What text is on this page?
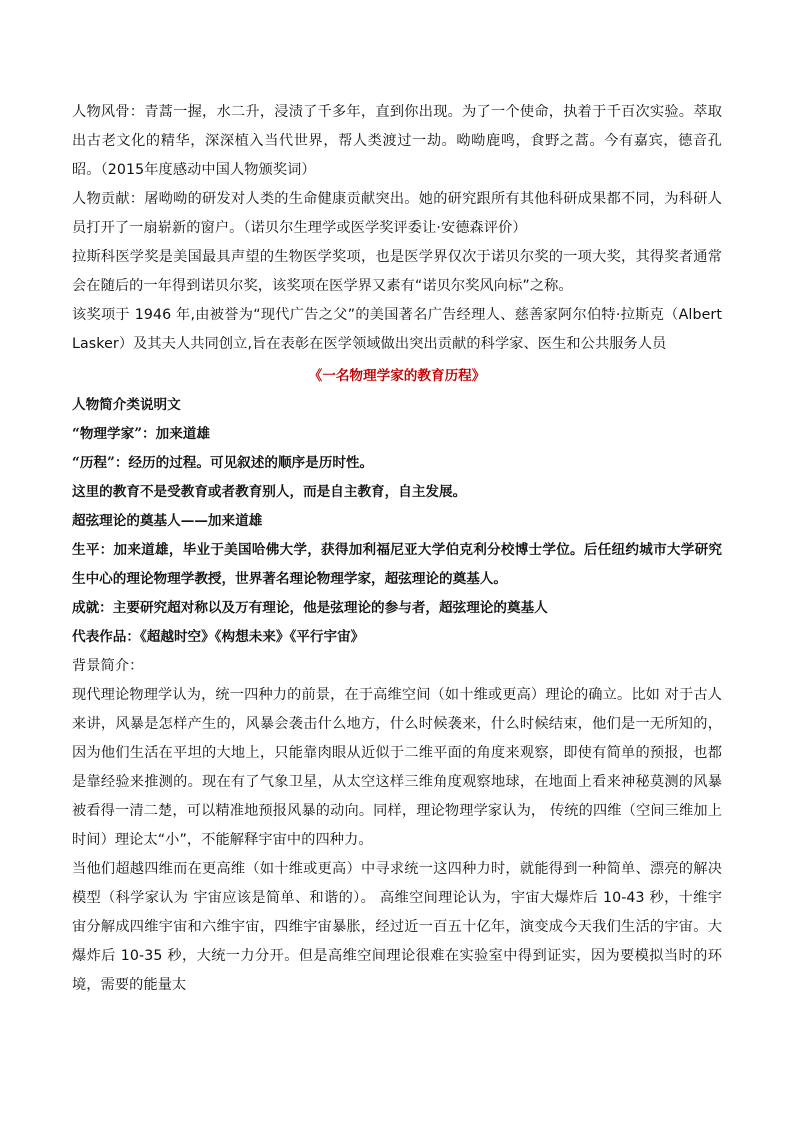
人物风骨：青蒿一握，水二升，浸渍了千多年，直到你出现。为了一个使命，执着于千百次实验。萃取出古老文化的精华，深深植入当代世界，帮人类渡过一劫。呦呦鹿鸣，食野之蒿。今有嘉宾，德音孔昭。（2015年度感动中国人物颁奖词）

人物贡献：屠呦呦的研发对人类的生命健康贡献突出。她的研究跟所有其他科研成果都不同，为科研人员打开了一扇崭新的窗户。（诺贝尔生理学或医学奖评委让·安德森评价）

拉斯科医学奖是美国最具声望的生物医学奖项，也是医学界仅次于诺贝尔奖的一项大奖，其得奖者通常会在随后的一年得到诺贝尔奖，该奖项在医学界又素有“诺贝尔奖风向标”之称。

该奖项于 1946 年,由被誉为“现代广告之父”的美国著名广告经理人、慈善家阿尔伯特·拉斯克（Albert Lasker）及其夫人共同创立,旨在表彰在医学领域做出突出贡献的科学家、医生和公共服务人员

《一名物理学家的教育历程》

人物简介类说明文

“物理学家”：加来道雄

“历程”：经历的过程。可见叙述的顺序是历时性。

这里的教育不是受教育或者教育别人，而是自主教育，自主发展。

超弦理论的奠基人——加来道雄

生平：加来道雄，毕业于美国哈佛大学，获得加利福尼亚大学伯克利分校博士学位。后任纽约城市大学研究生中心的理论物理学教授，世界著名理论物理学家，超弦理论的奠基人。

成就：主要研究超对称以及万有理论，他是弦理论的参与者，超弦理论的奠基人

代表作品：《超越时空》《构想未来》《平行宇宙》

背景简介：

现代理论物理学认为，统一四种力的前景，在于高维空间（如十维或更高）理论的确立。比如 对于古人来讲，风暴是怎样产生的，风暴会袭击什么地方，什么时候袭来，什么时候结束，他们是一无所知的，因为他们生活在平坦的大地上，只能靠肉眼从近似于二维平面的角度来观察，即使有简单的预报，也都是靠经验来推测的。现在有了气象卫星，从太空这样三维角度观察地球，在地面上看来神秘莫测的风暴被看得一清二楚，可以精准地预报风暴的动向。同样，理论物理学家认为， 传统的四维（空间三维加上时间）理论太“小”，不能解释宇宙中的四种力。

当他们超越四维而在更高维（如十维或更高）中寻求统一这四种力时，就能得到一种简单、漂亮的解决模型（科学家认为 宇宙应该是简单、和谐的）。 高维空间理论认为，宇宙大爆炸后 10-43 秒，十维宇宙分解成四维宇宙和六维宇宙，四维宇宙暴胀，经过近一百五十亿年，演变成今天我们生活的宇宙。大爆炸后 10-35 秒，大统一力分开。但是高维空间理论很难在实验室中得到证实，因为要模拟当时的环境，需要的能量太
